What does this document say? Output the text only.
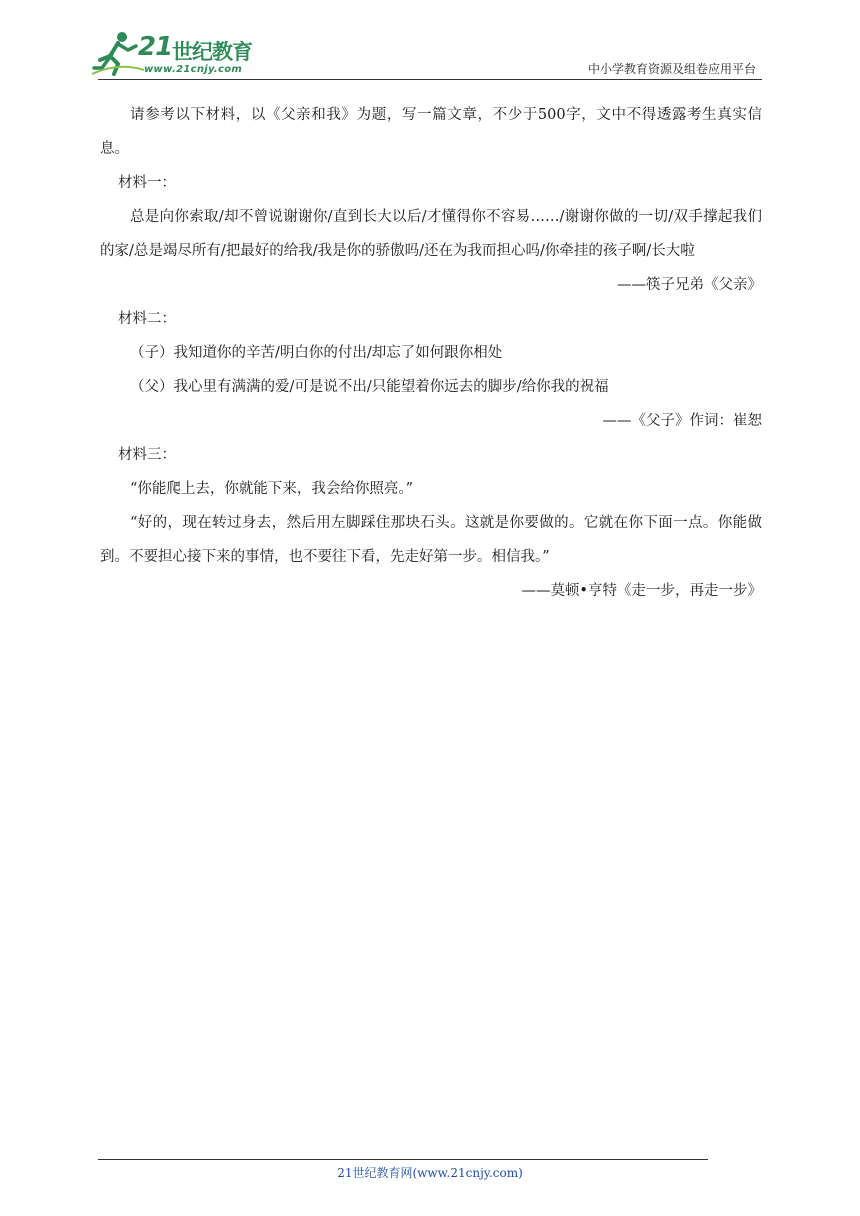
21 世纪教育
www.21cnjy.com	中小学教育资源及组卷应用平台

请参考以下材料，以《父亲和我》为题，写一篇文章，不少于500字，文中不得透露考生真实信息。

材料一：

总是向你索取/却不曾说谢谢你/直到长大以后/才懂得你不容易……/谢谢你做的一切/双手撑起我们的家/总是竭尽所有/把最好的给我/我是你的骄傲吗/还在为我而担心吗/你牵挂的孩子啊/长大啦

——筷子兄弟《父亲》

材料二：

（子）我知道你的辛苦/明白你的付出/却忘了如何跟你相处

（父）我心里有满满的爱/可是说不出/只能望着你远去的脚步/给你我的祝福

——《父子》作词：崔恕

材料三：

“你能爬上去，你就能下来，我会给你照亮。”

“好的，现在转过身去，然后用左脚踩住那块石头。这就是你要做的。它就在你下面一点。你能做到。不要担心接下来的事情，也不要往下看，先走好第一步。相信我。”

——莫顿•亨特《走一步，再走一步》

21世纪教育网(www.21cnjy.com)
